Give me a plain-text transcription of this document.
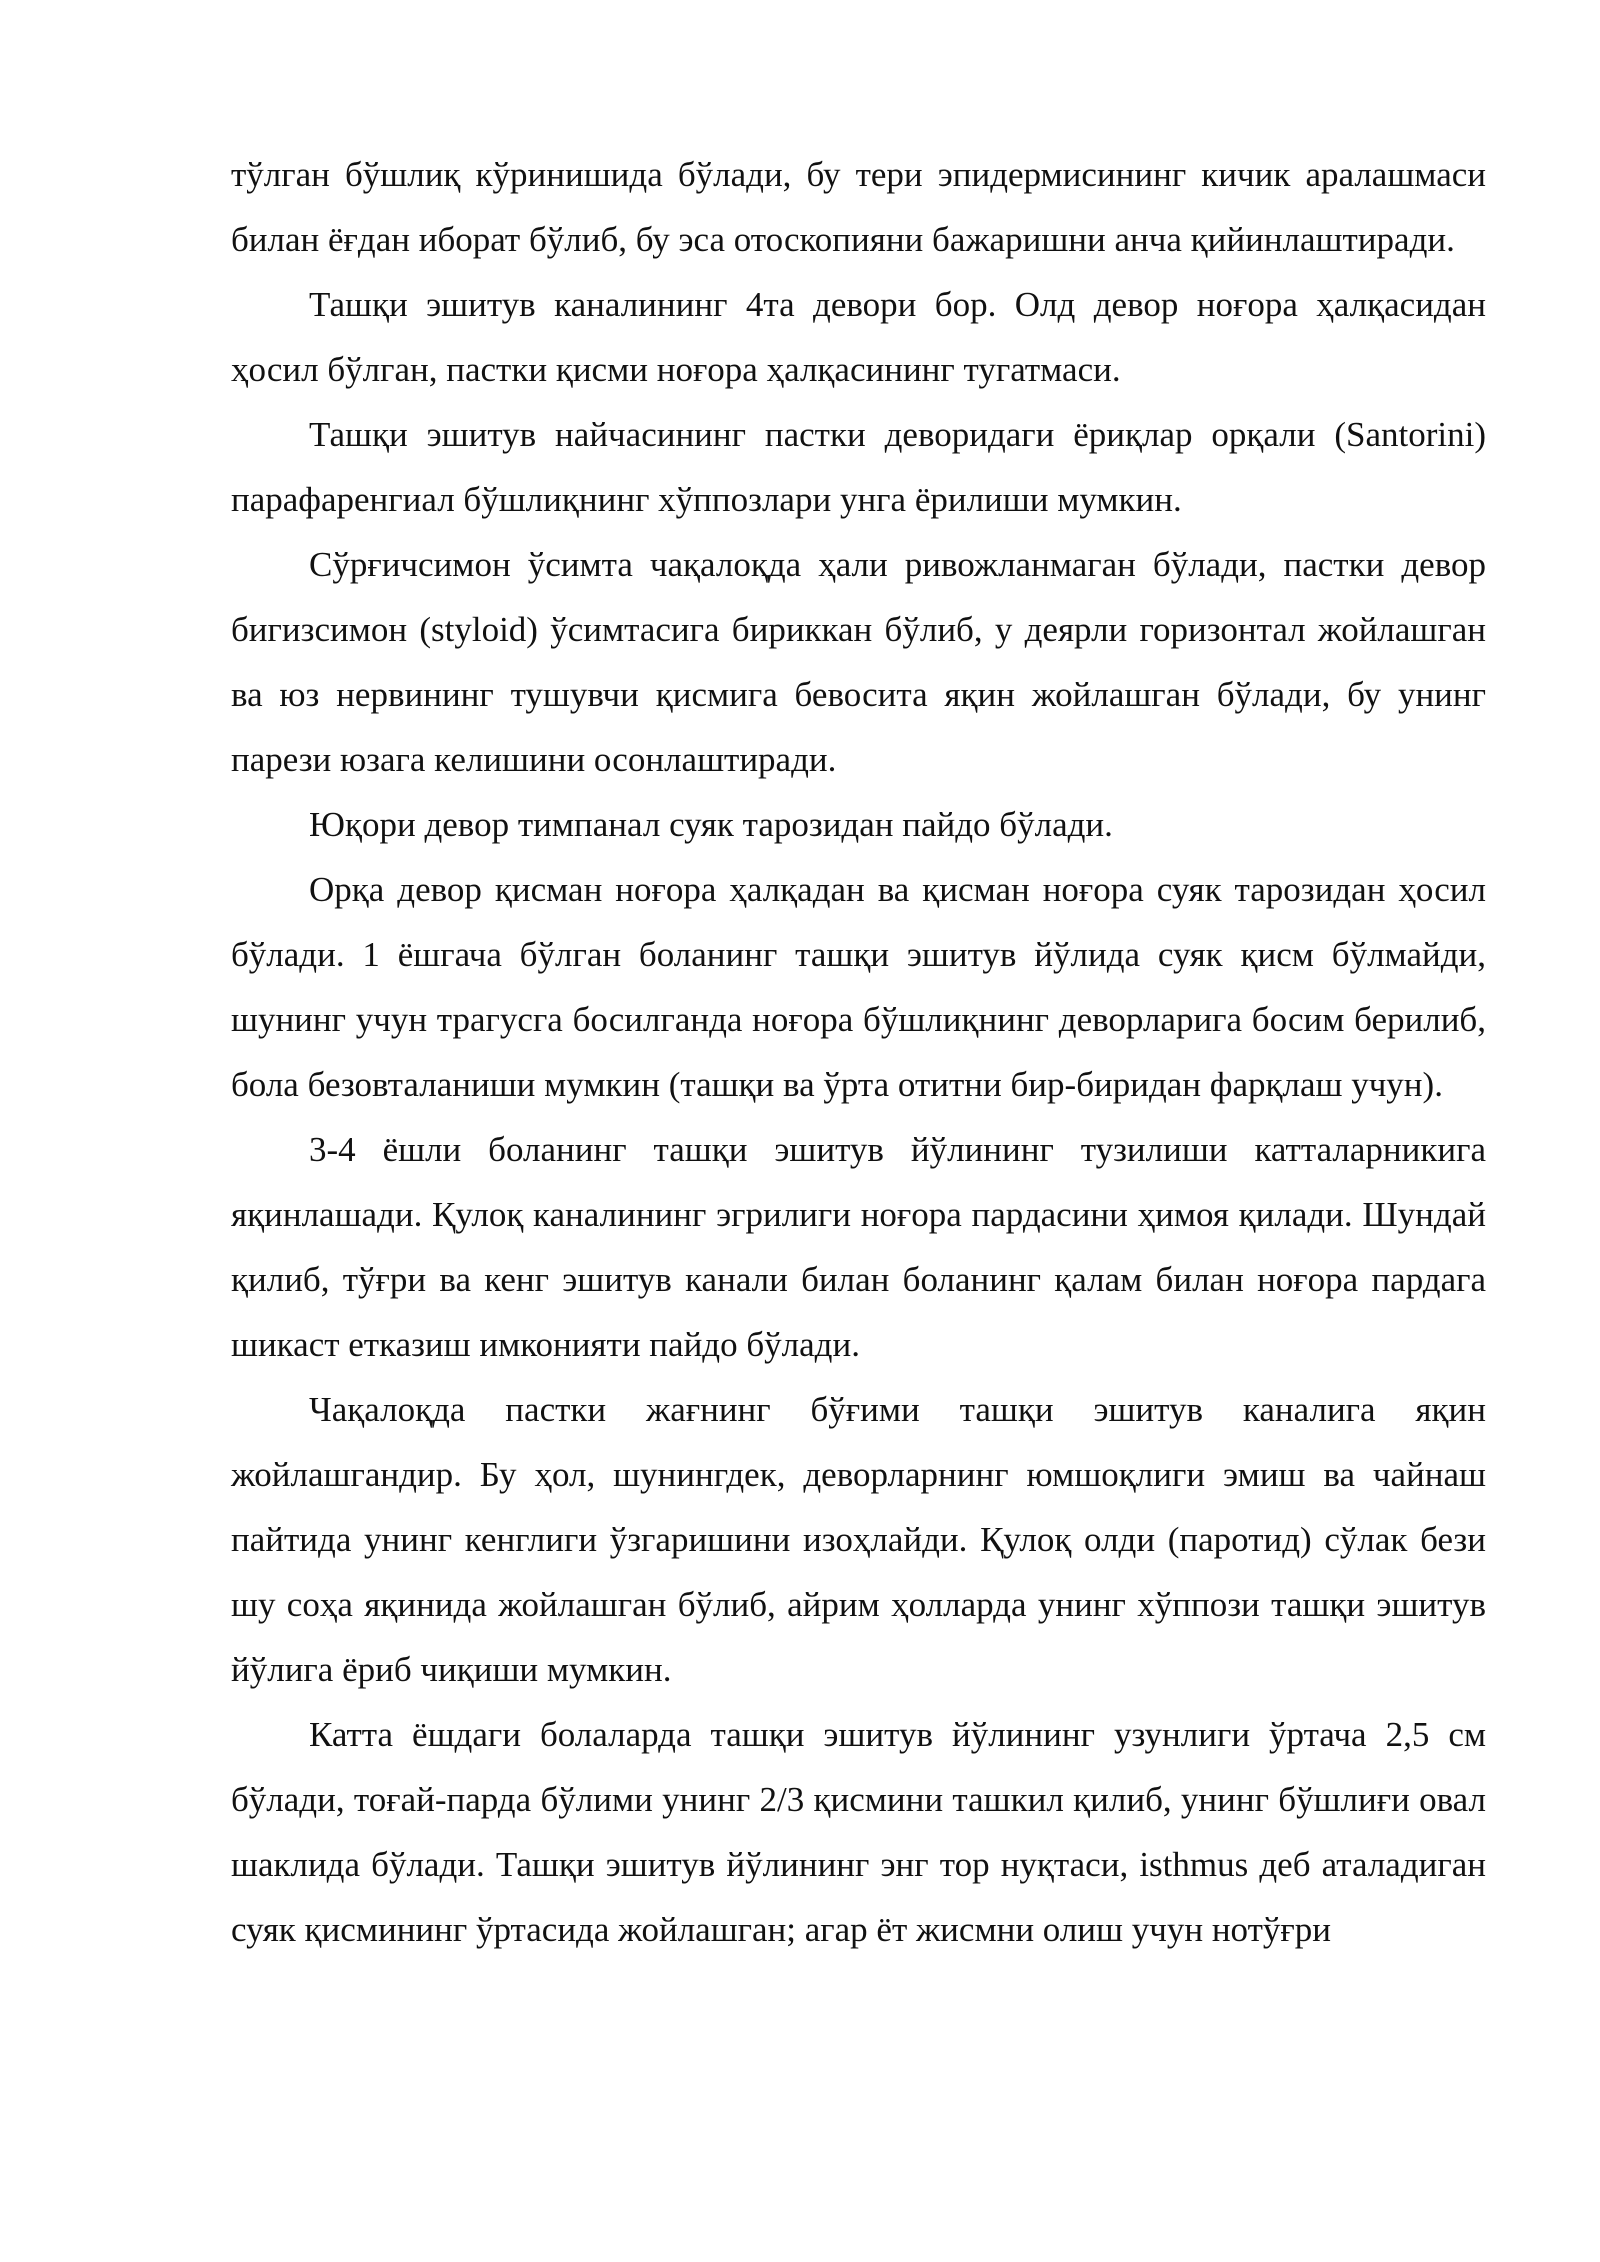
тўлган бўшлиқ кўринишида бўлади, бу тери эпидермисининг кичик аралашмаси билан ёғдан иборат бўлиб, бу эса отоскопияни бажаришни анча қийинлаштиради.

Ташқи эшитув каналининг 4та девори бор. Олд девор ноғора ҳалқасидан ҳосил бўлган, пастки қисми ноғора ҳалқасининг тугатмаси.

Ташқи эшитув найчасининг пастки деворидаги ёриқлар орқали (Santorini) парафаренгиал бўшлиқнинг хўппозлари унга ёрилиши мумкин.

Сўрғичсимон ўсимта чақалоқда ҳали ривожланмаган бўлади, пастки девор бигизсимон (styloid) ўсимтасига бириккан бўлиб, у деярли горизонтал жойлашган ва юз нервининг тушувчи қисмига бевосита яқин жойлашган бўлади, бу унинг парези юзага келишини осонлаштиради.

Юқори девор тимпанал суяк тарозидан пайдо бўлади.

Орқа девор қисман ноғора ҳалқадан ва қисман ноғора суяк тарозидан ҳосил бўлади. 1 ёшгача бўлган боланинг ташқи эшитув йўлида суяк қисм бўлмайди, шунинг учун трагусга босилганда ноғора бўшлиқнинг деворларига босим берилиб, бола безовталаниши мумкин (ташқи ва ўрта отитни бир-биридан фарқлаш учун).

3-4 ёшли боланинг ташқи эшитув йўлининг тузилиши катталарникига яқинлашади. Қулоқ каналининг эгрилиги ноғора пардасини ҳимоя қилади. Шундай қилиб, тўғри ва кенг эшитув канали билан боланинг қалам билан ноғора пардага шикаст етказиш имконияти пайдо бўлади.

Чақалоқда пастки жағнинг бўғими ташқи эшитув каналига яқин жойлашгандир. Бу ҳол, шунингдек, деворларнинг юмшоқлиги эмиш ва чайнаш пайтида унинг кенглиги ўзгаришини изоҳлайди. Қулоқ олди (паротид) сўлак бези шу соҳа яқинида жойлашган бўлиб, айрим ҳолларда унинг хўппози ташқи эшитув йўлига ёриб чиқиши мумкин.

Катта ёшдаги болаларда ташқи эшитув йўлининг узунлиги ўртача 2,5 см бўлади, тоғай-парда бўлими унинг 2/3 қисмини ташкил қилиб, унинг бўшлиғи овал шаклида бўлади. Ташқи эшитув йўлининг энг тор нуқтаси, isthmus деб аталадиган суяк қисмининг ўртасида жойлашган; агар ёт жисмни олиш учун нотўғри
